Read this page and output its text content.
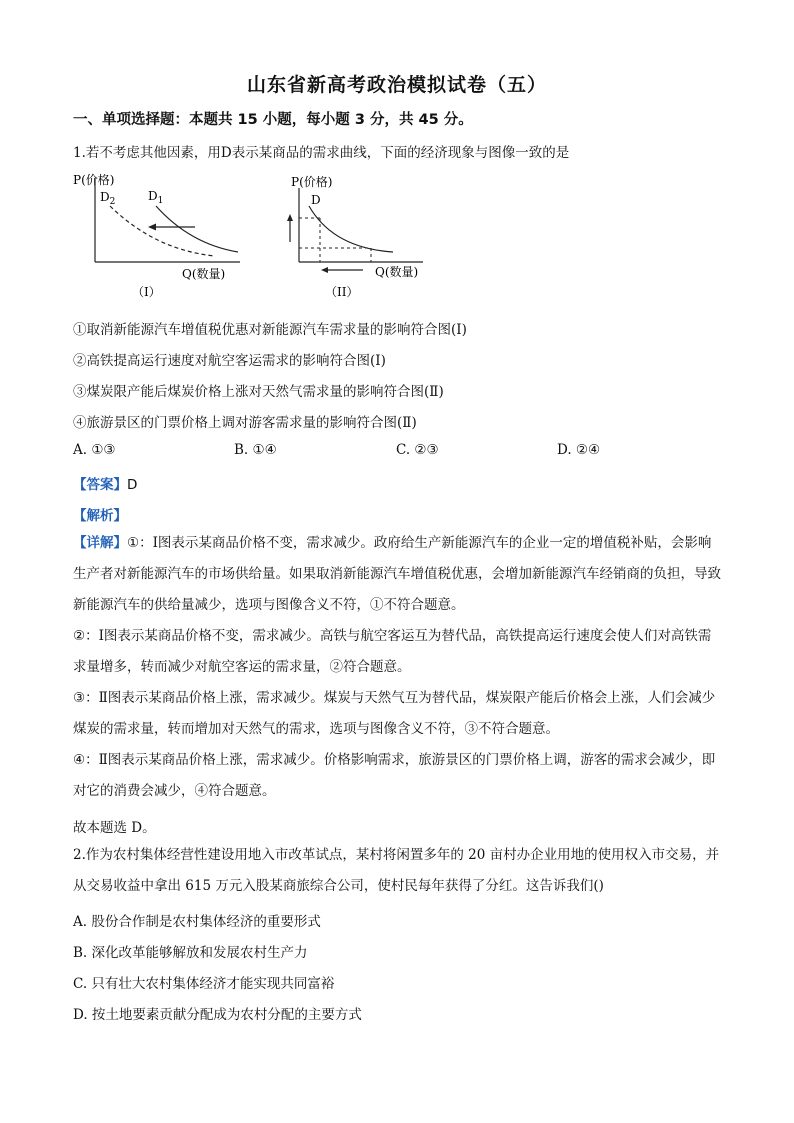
山东省新高考政治模拟试卷（五）
一、单项选择题：本题共 15 小题，每小题 3 分，共 45 分。
1.若不考虑其他因素，用D表示某商品的需求曲线，下面的经济现象与图像一致的是
P(价格)
Q(数量)
$D_2$	$D_1$
（I）
P(价格)
Q(数量)
D
（II）
①取消新能源汽车增值税优惠对新能源汽车需求量的影响符合图(I)
②高铁提高运行速度对航空客运需求的影响符合图(I)
③煤炭限产能后煤炭价格上涨对天然气需求量的影响符合图(Ⅱ)
④旅游景区的门票价格上调对游客需求量的影响符合图(Ⅱ)
A. ①③	B. ①④	C. ②③	D. ②④
【答案】D
【解析】
【详解】①：Ⅰ图表示某商品价格不变，需求减少。政府给生产新能源汽车的企业一定的增值税补贴，会影响生产者对新能源汽车的市场供给量。如果取消新能源汽车增值税优惠，会增加新能源汽车经销商的负担，导致新能源汽车的供给量减少，选项与图像含义不符，①不符合题意。
②：Ⅰ图表示某商品价格不变，需求减少。高铁与航空客运互为替代品，高铁提高运行速度会使人们对高铁需求量增多，转而减少对航空客运的需求量，②符合题意。
③：Ⅱ图表示某商品价格上涨，需求减少。煤炭与天然气互为替代品，煤炭限产能后价格会上涨，人们会减少煤炭的需求量，转而增加对天然气的需求，选项与图像含义不符，③不符合题意。
④：Ⅱ图表示某商品价格上涨，需求减少。价格影响需求，旅游景区的门票价格上调，游客的需求会减少，即对它的消费会减少，④符合题意。
故本题选 D。
2.作为农村集体经营性建设用地入市改革试点，某村将闲置多年的 20 亩村办企业用地的使用权入市交易，并从交易收益中拿出 615 万元入股某商旅综合公司，使村民每年获得了分红。这告诉我们()
A. 股份合作制是农村集体经济的重要形式
B. 深化改革能够解放和发展农村生产力
C. 只有壮大农村集体经济才能实现共同富裕
D. 按土地要素贡献分配成为农村分配的主要方式
